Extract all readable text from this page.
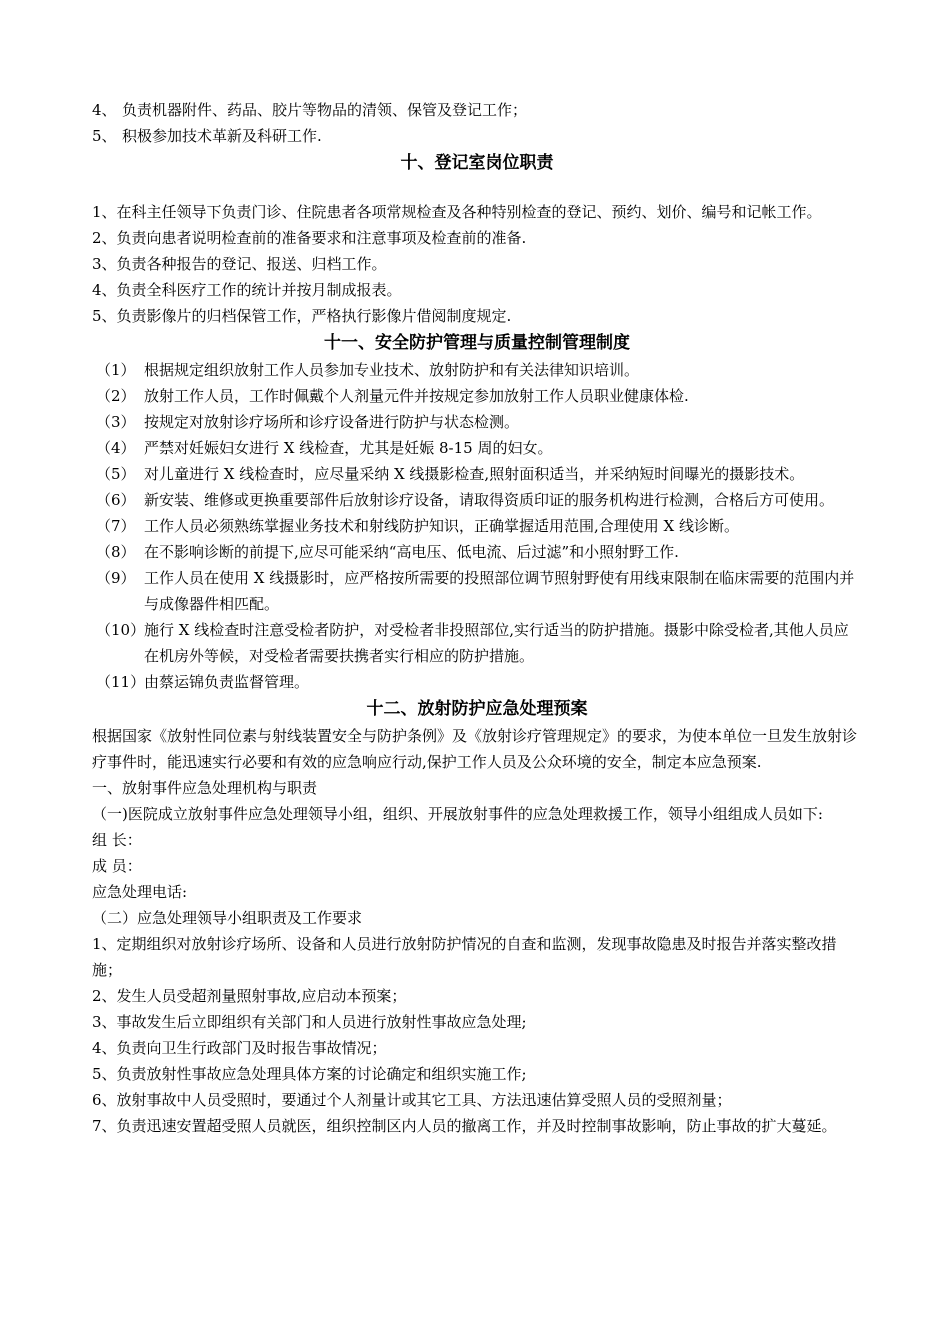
4、 负责机器附件、药品、胶片等物品的清领、保管及登记工作；
5、 积极参加技术革新及科研工作.

十、登记室岗位职责

1、在科主任领导下负责门诊、住院患者各项常规检查及各种特别检查的登记、预约、划价、编号和记帐工作。

2、负责向患者说明检查前的准备要求和注意事项及检查前的准备.

3、负责各种报告的登记、报送、归档工作。

4、负责全科医疗工作的统计并按月制成报表。

5、负责影像片的归档保管工作，严格执行影像片借阅制度规定.

十一、安全防护管理与质量控制管理制度

（1） 根据规定组织放射工作人员参加专业技术、放射防护和有关法律知识培训。
（2） 放射工作人员，工作时佩戴个人剂量元件并按规定参加放射工作人员职业健康体检.
（3） 按规定对放射诊疗场所和诊疗设备进行防护与状态检测。
（4） 严禁对妊娠妇女进行 X 线检查，尤其是妊娠 8-15 周的妇女。
（5） 对儿童进行 X 线检查时，应尽量采纳 X 线摄影检查,照射面积适当，并采纳短时间曝光的摄影技术。
（6） 新安装、维修或更换重要部件后放射诊疗设备，请取得资质印证的服务机构进行检测，合格后方可使用。
（7） 工作人员必须熟练掌握业务技术和射线防护知识，正确掌握适用范围,合理使用 X 线诊断。
（8） 在不影响诊断的前提下,应尽可能采纳“高电压、低电流、后过滤”和小照射野工作.
（9） 工作人员在使用 X 线摄影时，应严格按所需要的投照部位调节照射野使有用线束限制在临床需要的范围内并与成像器件相匹配。
（10）
施行 X 线检查时注意受检者防护，对受检者非投照部位,实行适当的防护措施。摄影中除受检者,其他人员应在机房外等候，对受检者需要扶携者实行相应的防护措施。
（11）
由蔡运锦负责监督管理。

十二、放射防护应急处理预案

根据国家《放射性同位素与射线装置安全与防护条例》及《放射诊疗管理规定》的要求，为使本单位一旦发生放射诊疗事件时，能迅速实行必要和有效的应急响应行动,保护工作人员及公众环境的安全，制定本应急预案.

一、放射事件应急处理机构与职责

（一)医院成立放射事件应急处理领导小组，组织、开展放射事件的应急处理救援工作，领导小组组成人员如下:

组 长：

成 员：

应急处理电话:

（二）应急处理领导小组职责及工作要求

1、定期组织对放射诊疗场所、设备和人员进行放射防护情况的自查和监测，发现事故隐患及时报告并落实整改措施；

2、发生人员受超剂量照射事故,应启动本预案；

3、事故发生后立即组织有关部门和人员进行放射性事故应急处理;

4、负责向卫生行政部门及时报告事故情况；

5、负责放射性事故应急处理具体方案的讨论确定和组织实施工作;

6、放射事故中人员受照时，要通过个人剂量计或其它工具、方法迅速估算受照人员的受照剂量；

7、负责迅速安置超受照人员就医，组织控制区内人员的撤离工作，并及时控制事故影响，防止事故的扩大蔓延。
